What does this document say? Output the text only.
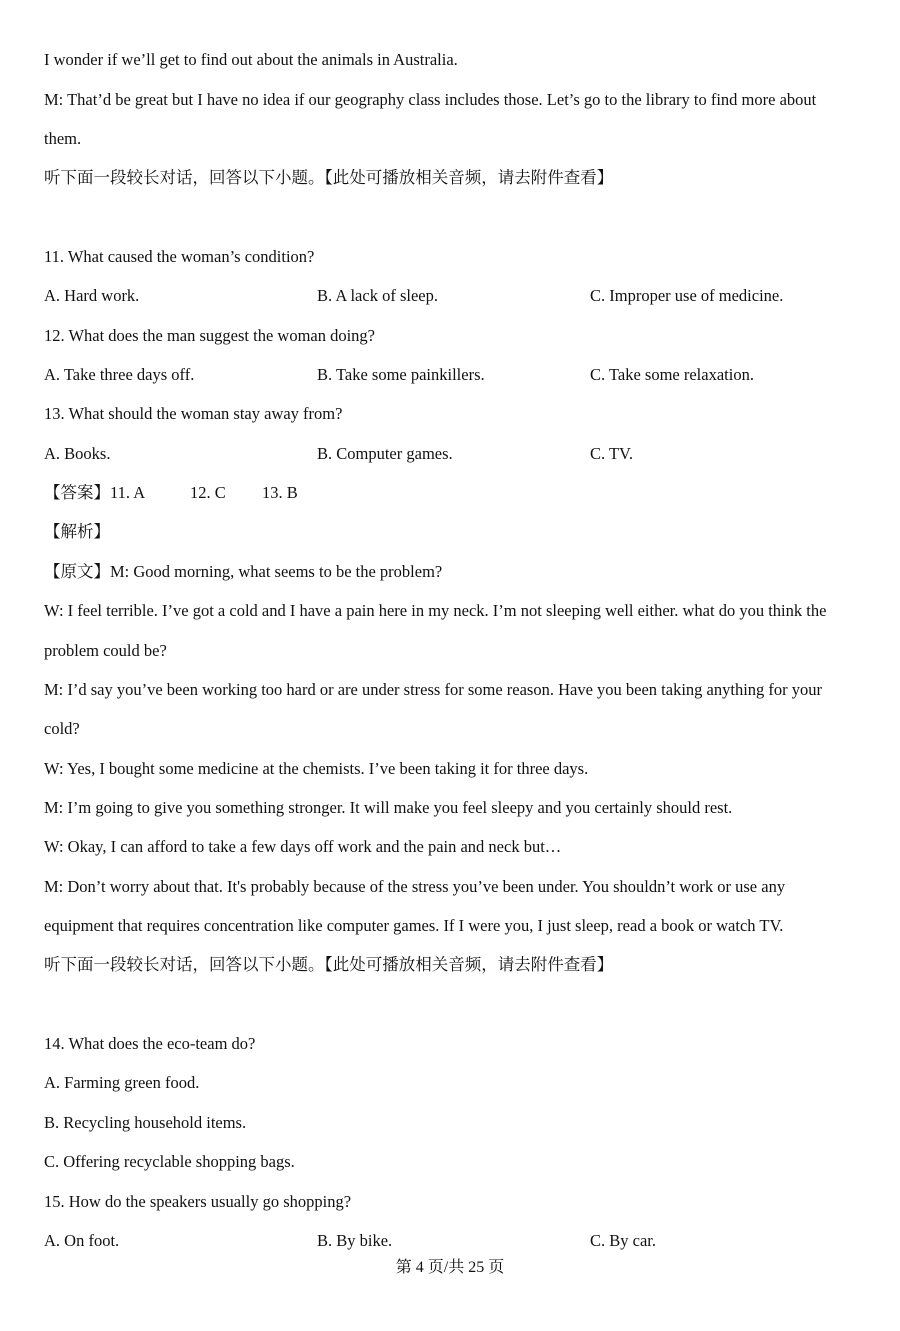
I wonder if we’ll get to find out about the animals in Australia.
M: That’d be great but I have no idea if our geography class includes those. Let’s go to the library to find more about
them.
听下面一段较长对话，回答以下小题。【此处可播放相关音频，请去附件查看】
11. What caused the woman’s condition?
A. Hard work.	B. A lack of sleep.	C. Improper use of medicine.
12. What does the man suggest the woman doing?
A. Take three days off.	B. Take some painkillers.	C. Take some relaxation.
13. What should the woman stay away from?
A. Books.	B. Computer games.	C. TV.
【答案】11. A	12. C 13. B
【解析】
【原文】M: Good morning, what seems to be the problem?
W: I feel terrible. I’ve got a cold and I have a pain here in my neck. I’m not sleeping well either. what do you think the
problem could be?
M: I’d say you’ve been working too hard or are under stress for some reason. Have you been taking anything for your
cold?
W: Yes, I bought some medicine at the chemists. I’ve been taking it for three days.
M: I’m going to give you something stronger. It will make you feel sleepy and you certainly should rest.
W: Okay, I can afford to take a few days off work and the pain and neck but…
M: Don’t worry about that. It's probably because of the stress you’ve been under. You shouldn’t work or use any
equipment that requires concentration like computer games. If I were you, I just sleep, read a book or watch TV.
听下面一段较长对话，回答以下小题。【此处可播放相关音频，请去附件查看】
14. What does the eco-team do?
A. Farming green food.
B. Recycling household items.
C. Offering recyclable shopping bags.
15. How do the speakers usually go shopping?
A. On foot.	B. By bike.	C. By car.
第 4 页/共 25 页
